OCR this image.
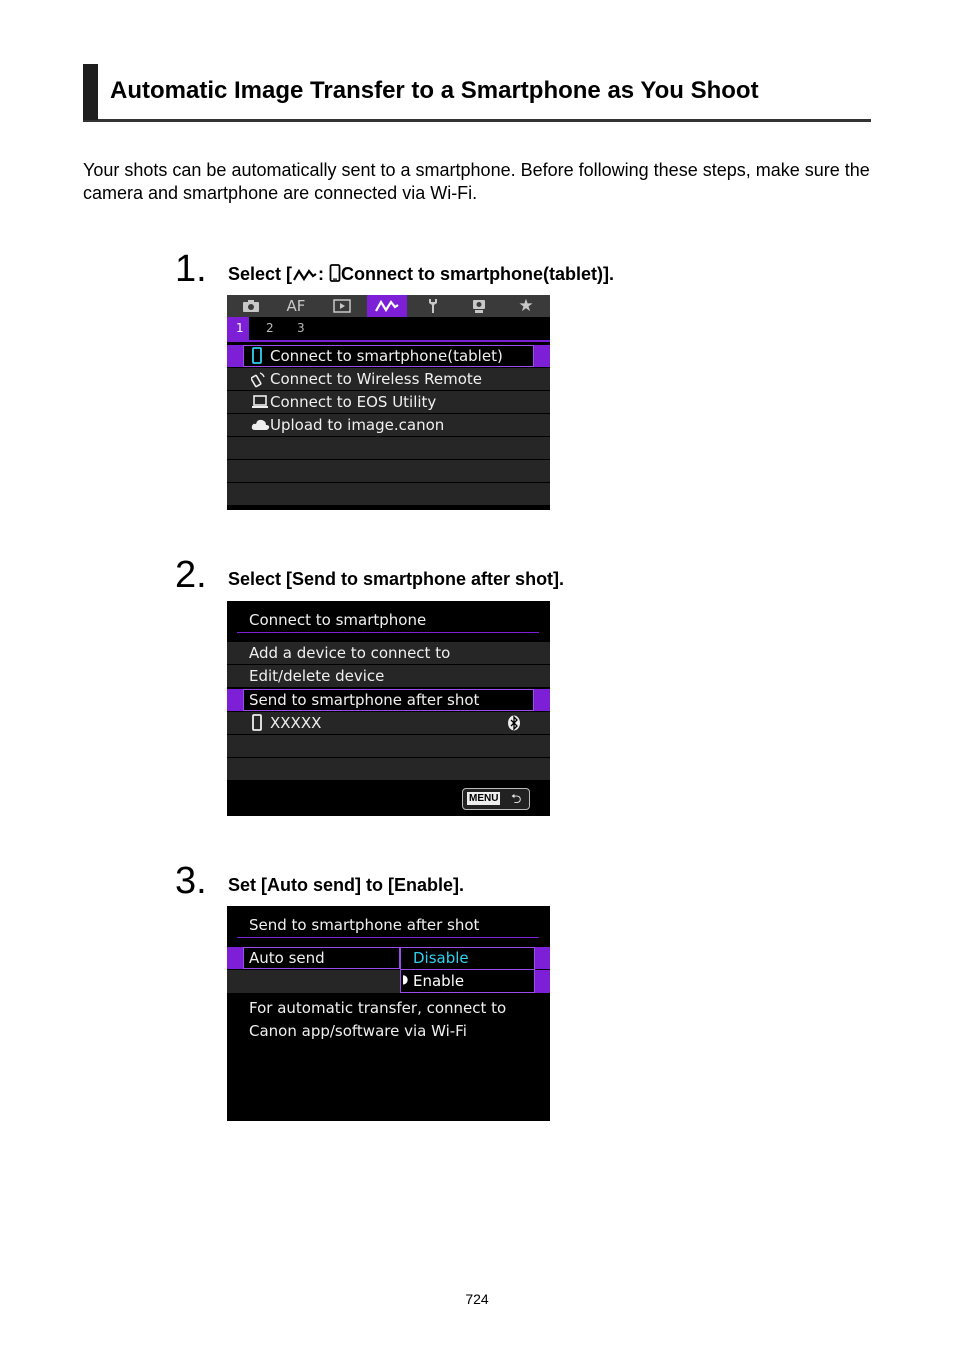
Automatic Image Transfer to a Smartphone as You Shoot
Your shots can be automatically sent to a smartphone. Before following these steps, make sure the camera and smartphone are connected via Wi-Fi.
1. Select [ : Connect to smartphone(tablet)].
AF	★
1 2 3
Connect to smartphone(tablet)
Connect to Wireless Remote
Connect to EOS Utility
Upload to image.canon
2. Select [Send to smartphone after shot].
Connect to smartphone
Add a device to connect to
Edit/delete device
Send to smartphone after shot
XXXXX
MENU ⮌
3. Set [Auto send] to [Enable].
Send to smartphone after shot
Auto send	Disable
◗ Enable
For automatic transfer, connect to
Canon app/software via Wi-Fi
724
